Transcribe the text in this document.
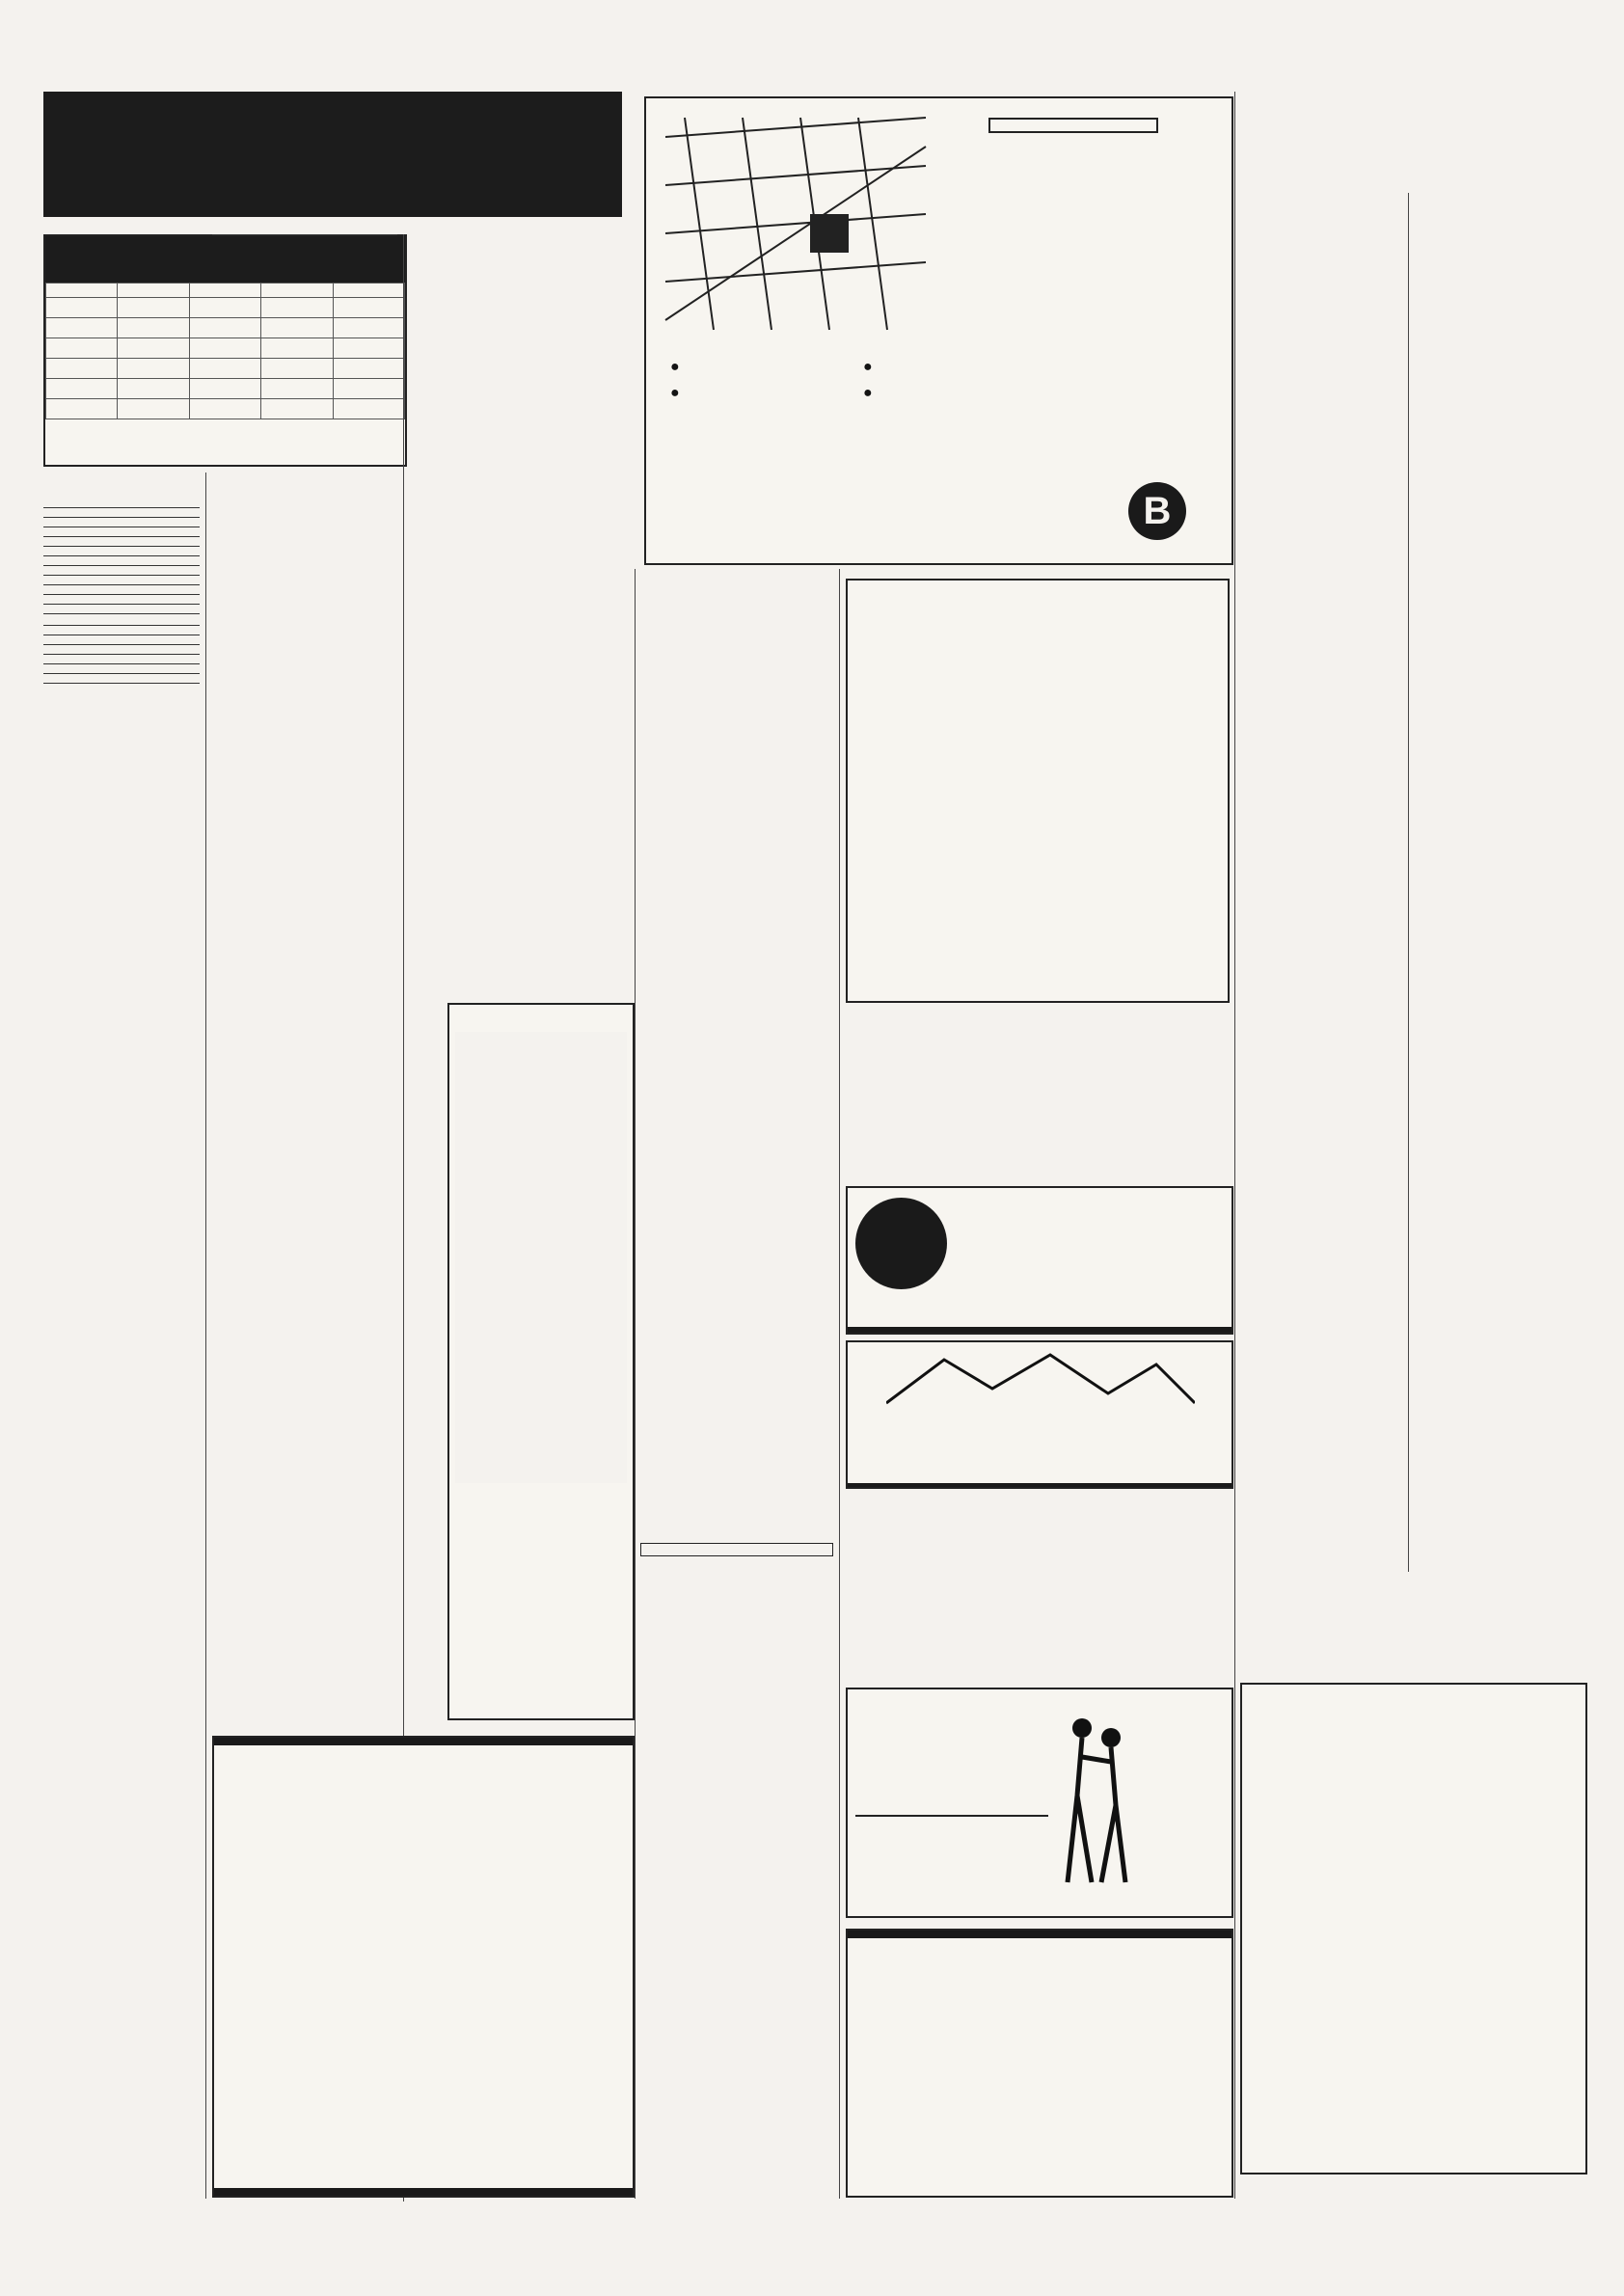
●
●
●
●
B
